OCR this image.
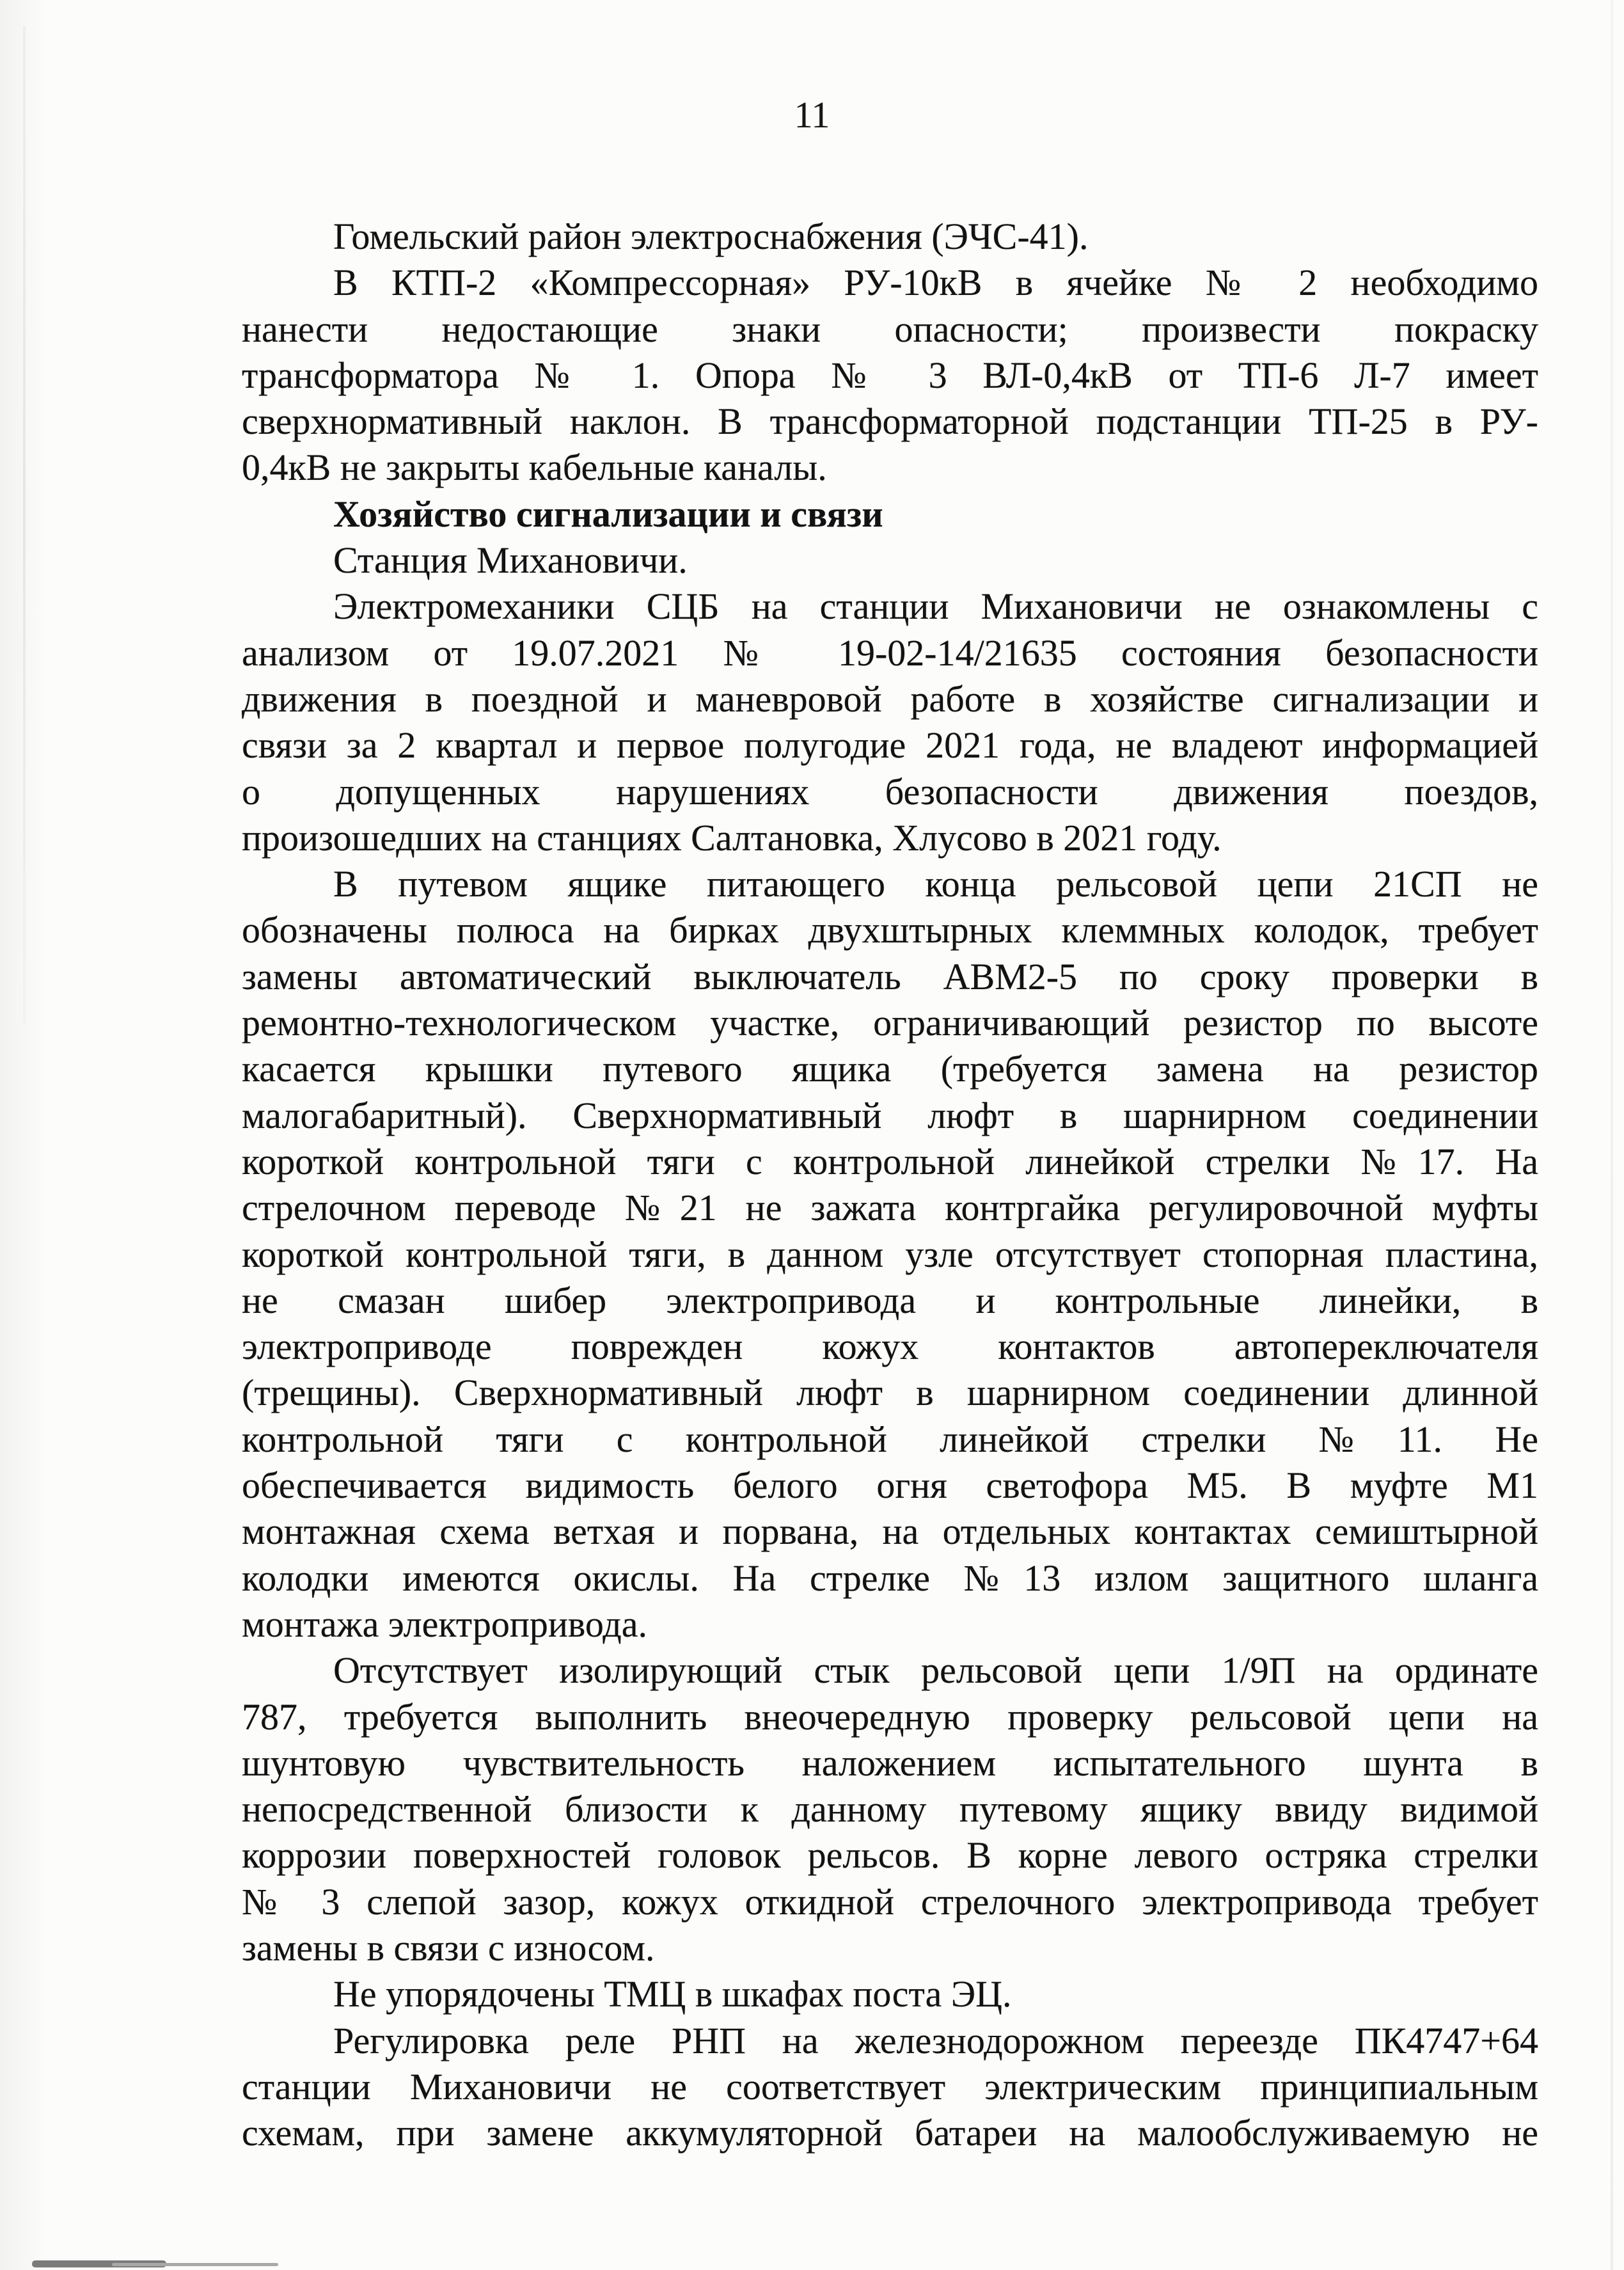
11
Гомельский район электроснабжения (ЭЧС-41).
В КТП-2 «Компрессорная» РУ-10кВ в ячейке № 2 необходимо
нанести недостающие знаки опасности; произвести покраску
трансформатора № 1. Опора № 3 ВЛ-0,4кВ от ТП-6 Л-7 имеет
сверхнормативный наклон. В трансформаторной подстанции ТП-25 в РУ-
0,4кВ не закрыты кабельные каналы.
Хозяйство сигнализации и связи
Станция Михановичи.
Электромеханики СЦБ на станции Михановичи не ознакомлены с
анализом от 19.07.2021 № 19-02-14/21635 состояния безопасности
движения в поездной и маневровой работе в хозяйстве сигнализации и
связи за 2 квартал и первое полугодие 2021 года, не владеют информацией
о допущенных нарушениях безопасности движения поездов,
произошедших на станциях Салтановка, Хлусово в 2021 году.
В путевом ящике питающего конца рельсовой цепи 21СП не
обозначены полюса на бирках двухштырных клеммных колодок, требует
замены автоматический выключатель АВМ2-5 по сроку проверки в
ремонтно-технологическом участке, ограничивающий резистор по высоте
касается крышки путевого ящика (требуется замена на резистор
малогабаритный). Сверхнормативный люфт в шарнирном соединении
короткой контрольной тяги с контрольной линейкой стрелки №17. На
стрелочном переводе №21 не зажата контргайка регулировочной муфты
короткой контрольной тяги, в данном узле отсутствует стопорная пластина,
не смазан шибер электропривода и контрольные линейки, в
электроприводе поврежден кожух контактов автопереключателя
(трещины). Сверхнормативный люфт в шарнирном соединении длинной
контрольной тяги с контрольной линейкой стрелки №11. Не
обеспечивается видимость белого огня светофора М5. В муфте М1
монтажная схема ветхая и порвана, на отдельных контактах семиштырной
колодки имеются окислы. На стрелке №13 излом защитного шланга
монтажа электропривода.
Отсутствует изолирующий стык рельсовой цепи 1/9П на ординате
787, требуется выполнить внеочередную проверку рельсовой цепи на
шунтовую чувствительность наложением испытательного шунта в
непосредственной близости к данному путевому ящику ввиду видимой
коррозии поверхностей головок рельсов. В корне левого остряка стрелки
№ 3 слепой зазор, кожух откидной стрелочного электропривода требует
замены в связи с износом.
Не упорядочены ТМЦ в шкафах поста ЭЦ.
Регулировка реле РНП на железнодорожном переезде ПК4747+64
станции Михановичи не соответствует электрическим принципиальным
схемам, при замене аккумуляторной батареи на малообслуживаемую не
